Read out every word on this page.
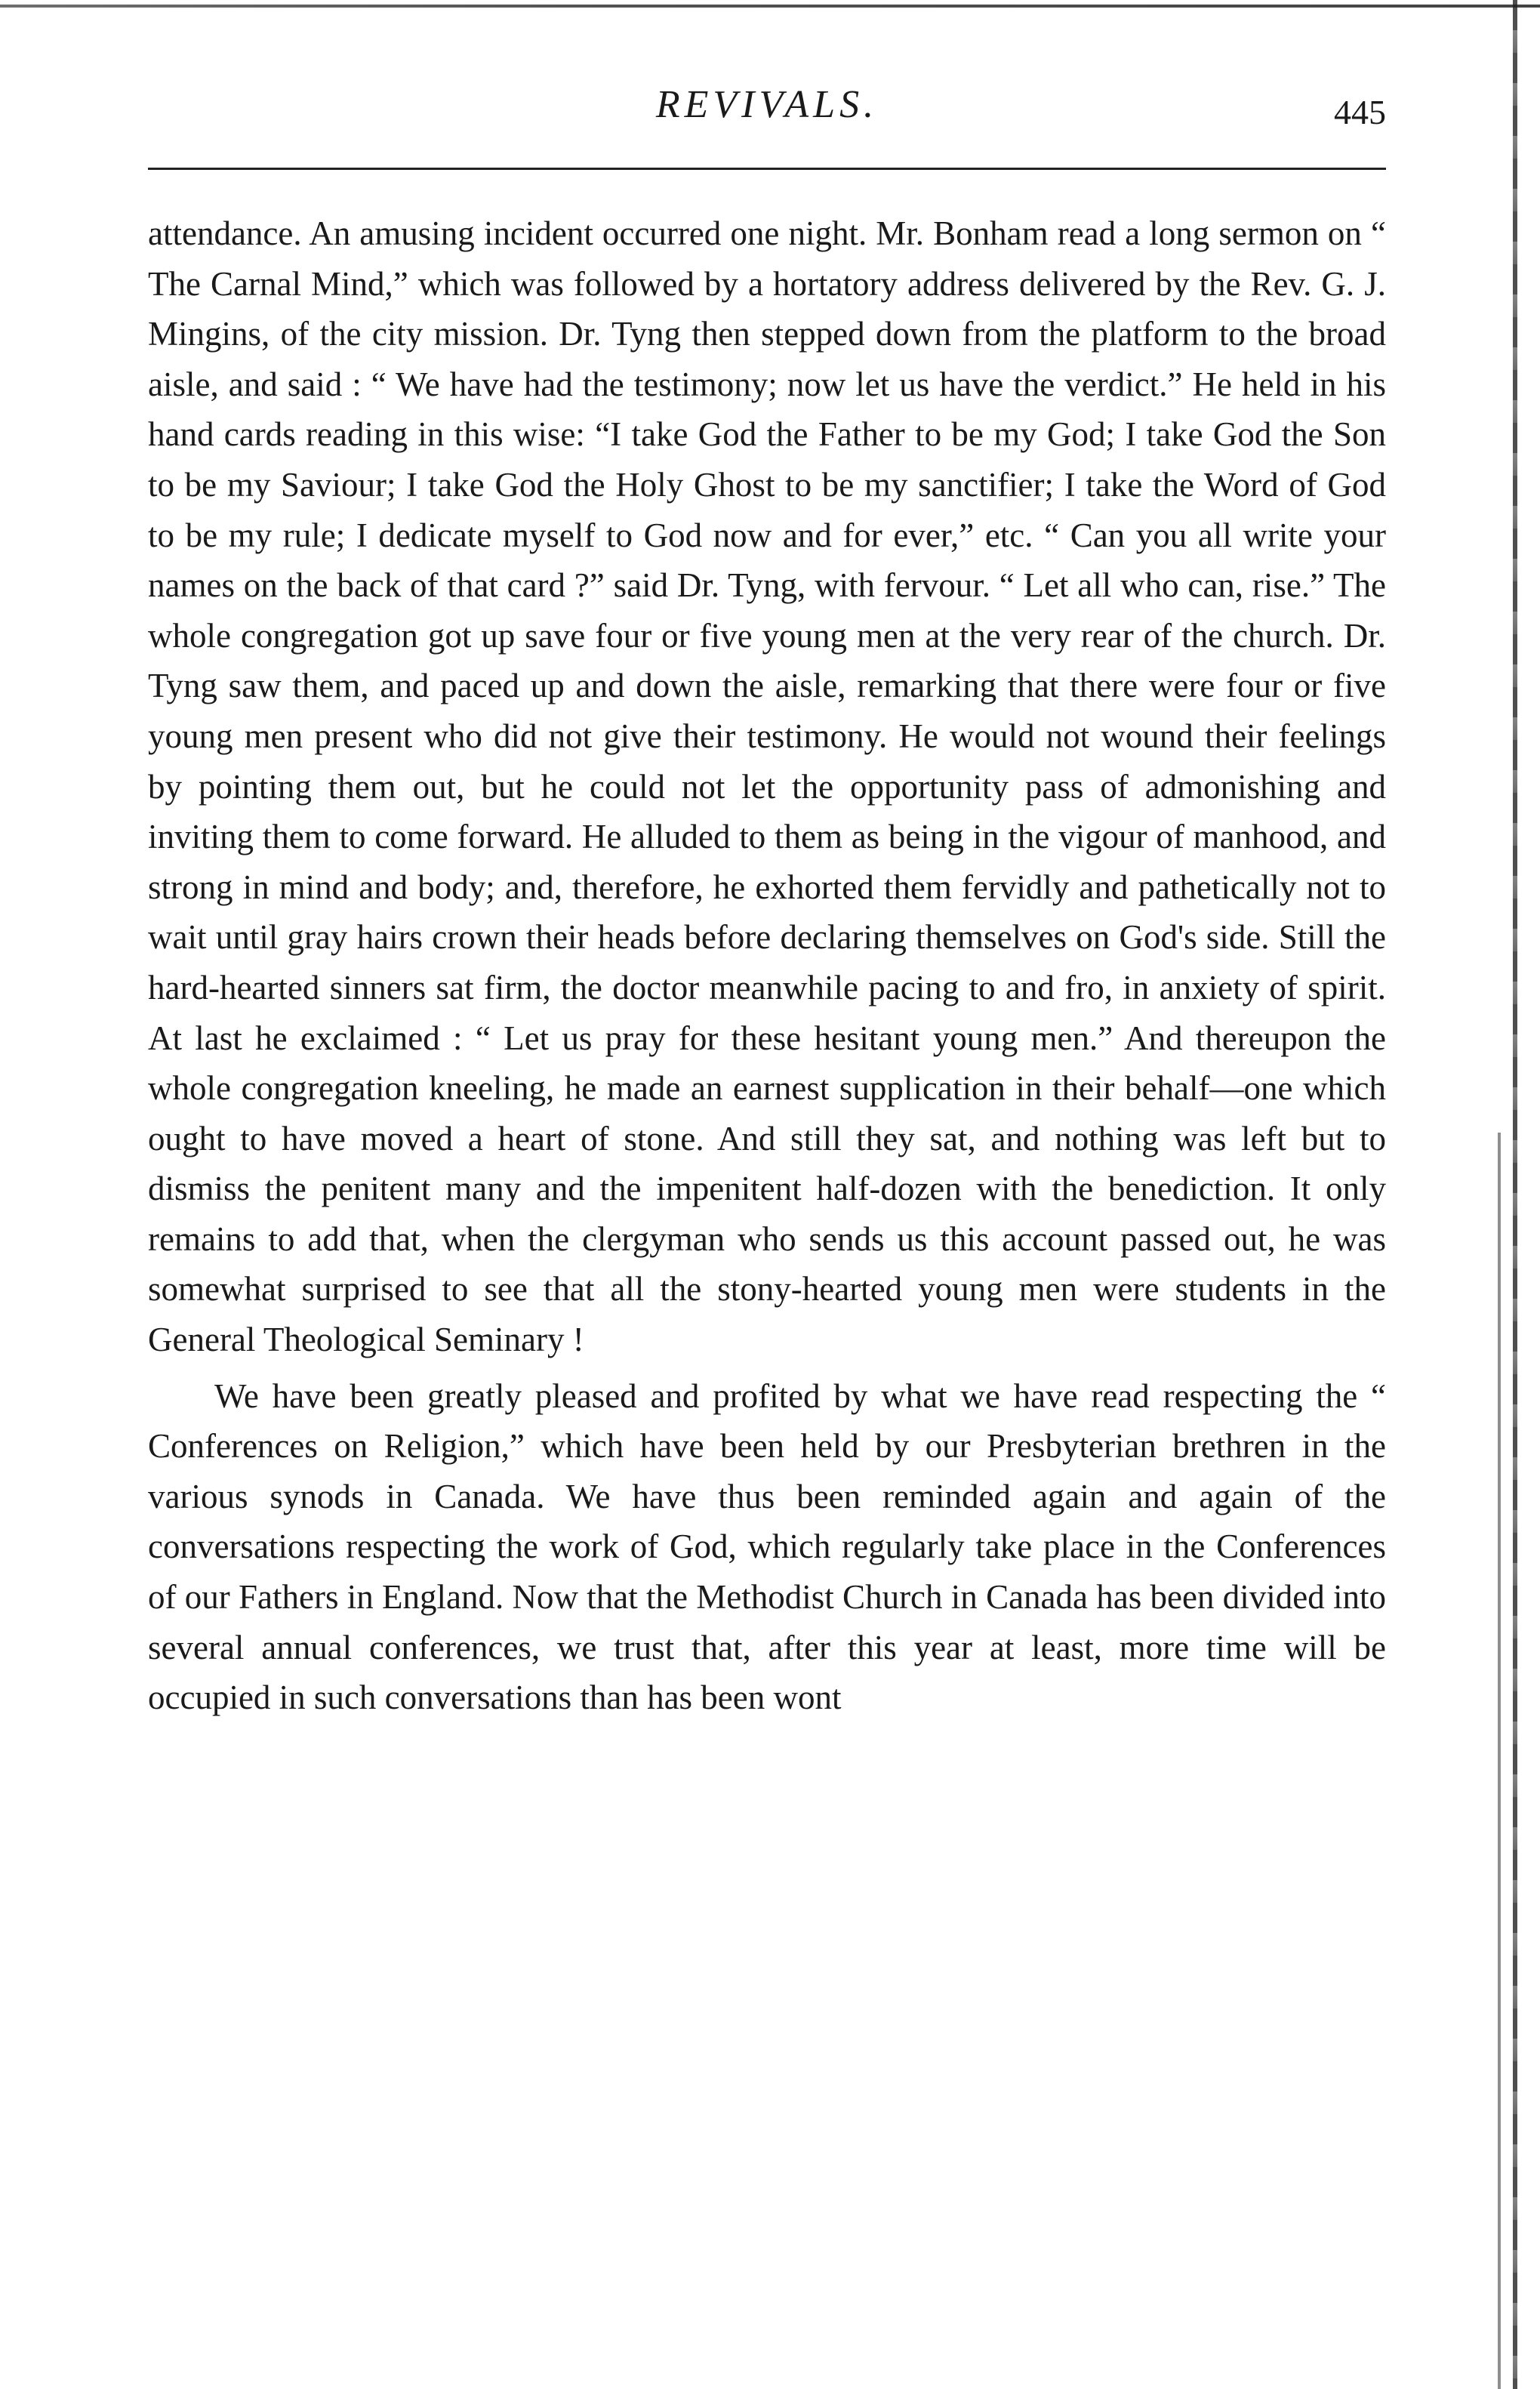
REVIVALS.	445

attendance. An amusing incident occurred one night. Mr. Bonham read a long sermon on “ The Carnal Mind,” which was followed by a hortatory address delivered by the Rev. G. J. Mingins, of the city mission. Dr. Tyng then stepped down from the platform to the broad aisle, and said : “ We have had the testimony; now let us have the verdict.” He held in his hand cards reading in this wise: “I take God the Father to be my God; I take God the Son to be my Saviour; I take God the Holy Ghost to be my sanctifier; I take the Word of God to be my rule; I dedicate myself to God now and for ever,” etc. “ Can you all write your names on the back of that card ?” said Dr. Tyng, with fervour. “ Let all who can, rise.” The whole congregation got up save four or five young men at the very rear of the church. Dr. Tyng saw them, and paced up and down the aisle, remarking that there were four or five young men present who did not give their testimony. He would not wound their feelings by pointing them out, but he could not let the opportunity pass of admonishing and inviting them to come forward. He alluded to them as being in the vigour of manhood, and strong in mind and body; and, therefore, he exhorted them fervidly and pathetically not to wait until gray hairs crown their heads before declaring themselves on God's side. Still the hard-hearted sinners sat firm, the doctor meanwhile pacing to and fro, in anxiety of spirit. At last he exclaimed : “ Let us pray for these hesitant young men.” And thereupon the whole congregation kneeling, he made an earnest supplication in their behalf—one which ought to have moved a heart of stone. And still they sat, and nothing was left but to dismiss the penitent many and the impenitent half-dozen with the benediction. It only remains to add that, when the clergyman who sends us this account passed out, he was somewhat surprised to see that all the stony-hearted young men were students in the General Theological Seminary !

We have been greatly pleased and profited by what we have read respecting the “ Conferences on Religion,” which have been held by our Presbyterian brethren in the various synods in Canada. We have thus been reminded again and again of the conversations respecting the work of God, which regularly take place in the Conferences of our Fathers in England. Now that the Methodist Church in Canada has been divided into several annual conferences, we trust that, after this year at least, more time will be occupied in such conversations than has been wont
